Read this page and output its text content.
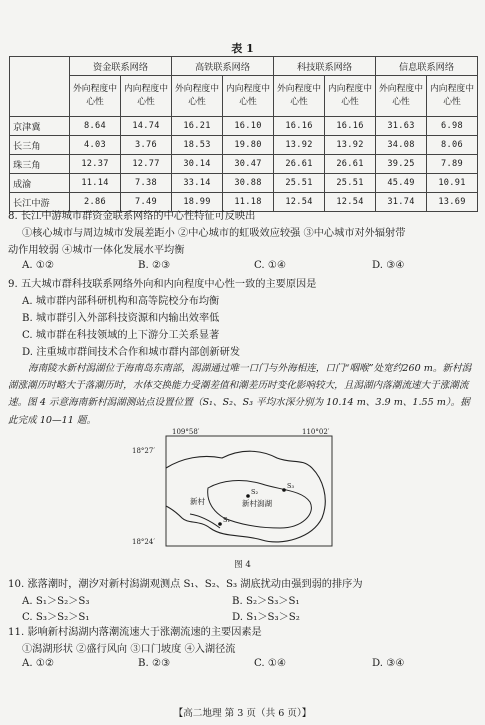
表 1
	资金联系网络		高铁联系网络		科技联系网络		信息联系网络	
	外向程度中心性	内向程度中心性	外向程度中心性	内向程度中心性	外向程度中心性	内向程度中心性	外向程度中心性	内向程度中心性
京津冀	8.64	14.74	16.21	16.10	16.16	16.16	31.63	6.98
长三角	4.03	3.76	18.53	19.80	13.92	13.92	34.08	8.06
珠三角	12.37	12.77	30.14	30.47	26.61	26.61	39.25	7.89
成渝	11.14	7.38	33.14	30.88	25.51	25.51	45.49	10.91
长江中游	2.86	7.49	18.99	11.18	12.54	12.54	31.74	13.69
8. 长江中游城市群资金联系网络的中心性特征可反映出
①核心城市与周边城市发展差距小 ②中心城市的虹吸效应较强 ③中心城市对外辐射带
动作用较弱 ④城市一体化发展水平均衡
A. ①②	B. ②③	C. ①④	D. ③④
9. 五大城市群科技联系网络外向和内向程度中心性一致的主要原因是
A. 城市群内部科研机构和高等院校分布均衡
B. 城市群引入外部科技资源和内输出效率低
C. 城市群在科技领域的上下游分工关系显著
D. 注重城市群间技术合作和城市群内部创新研发
海南陵水新村潟湖位于海南岛东南部，潟湖通过唯一口门与外海相连，口门“咽喉”处宽约260 m。新村潟湖涨潮历时略大于落潮历时，水体交换能力受潮差值和潮差历时变化影响较大，且潟湖内落潮流速大于涨潮流速。图 4 示意海南新村潟湖测站点设置位置（S₁、S₂、S₃ 平均水深分别为 10.14 m、3.9 m、1.55 m）。据此完成 10—11 题。
109°58′	110°02′
18°27′
18°24′
新村	新村潟湖
S₁
S₂
S₃
图 4
10. 涨落潮时，潮汐对新村潟湖观测点 S₁、S₂、S₃ 湖底扰动由强到弱的排序为
A. S₁＞S₂＞S₃	B. S₂＞S₃＞S₁
C. S₃＞S₂＞S₁	D. S₁＞S₃＞S₂
11. 影响新村潟湖内落潮流速大于涨潮流速的主要因素是
①潟湖形状 ②盛行风向 ③口门坡度 ④入湖径流
A. ①②	B. ②③	C. ①④	D. ③④
【高二地理 第 3 页（共 6 页）】
